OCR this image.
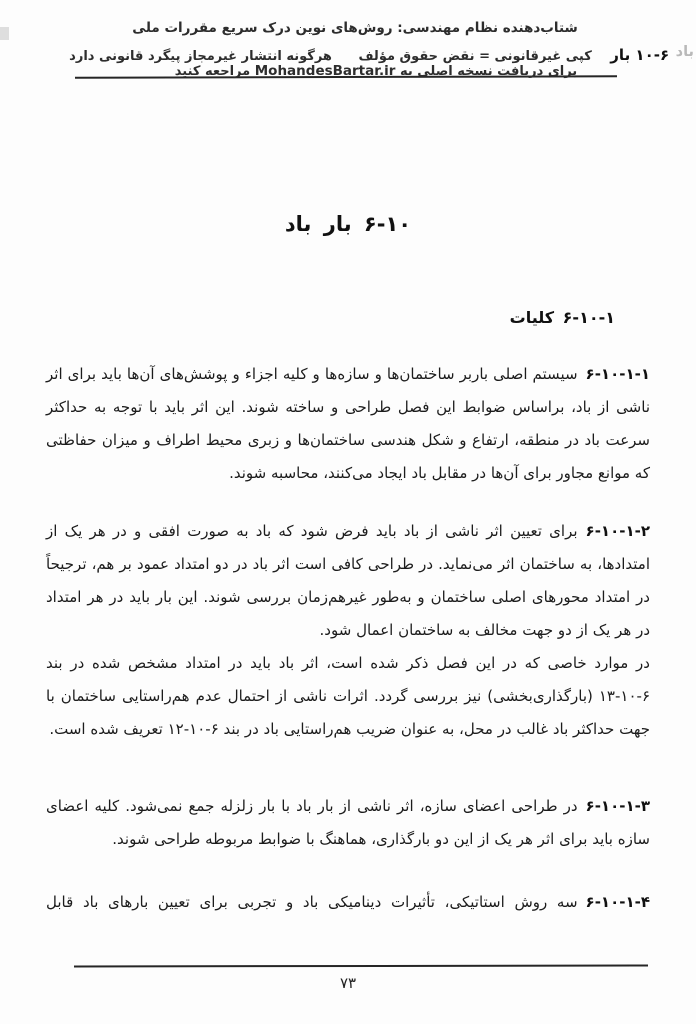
شتاب‌دهنده نظام مهندسی: روش‌های نوین درک سریع مقررات ملی
باد ۶-۱۰ بار کپی غیرقانونی = نقض حقوق مؤلف هرگونه انتشار غیرمجاز پیگرد قانونی دارد
برای دریافت نسخه اصلی به MohandesBartar.ir مراجعه کنید
۶-۱۰ بار باد
۶-۱۰-۱ کلیات

۶-۱۰-۱-۱سیستم اصلی باربر ساختمان‌ها و سازه‌ها و کلیه اجزاء و پوشش‌های آن‌ها باید برای اثر ناشی از باد، براساس ضوابط این فصل طراحی و ساخته شوند. این اثر باید با توجه به حداکثر سرعت باد در منطقه، ارتفاع و شکل هندسی ساختمان‌ها و زبری محیط اطراف و میزان حفاظتی که موانع مجاور برای آن‌ها در مقابل باد ایجاد می‌کنند، محاسبه شوند.

۶-۱۰-۱-۲برای تعیین اثر ناشی از باد باید فرض شود که باد به صورت افقی و در هر یک از امتدادها، به ساختمان اثر می‌نماید. در طراحی کافی است اثر باد در دو امتداد عمود بر هم، ترجیحاً در امتداد محورهای اصلی ساختمان و به‌طور غیرهم‌زمان بررسی شوند. این بار باید در هر امتداد در هر یک از دو جهت مخالف به ساختمان اعمال شود.

در موارد خاصی که در این فصل ذکر شده است، اثر باد باید در امتداد مشخص شده در بند ۶-۱۰-۱۳ (بارگذاری‌بخشی) نیز بررسی گردد. اثرات ناشی از احتمال عدم هم‌راستایی ساختمان با جهت حداکثر باد غالب در محل، به عنوان ضریب هم‌راستایی باد در بند ۶-۱۰-۱۲ تعریف شده است.

۶-۱۰-۱-۳در طراحی اعضای سازه، اثر ناشی از بار باد با بار زلزله جمع نمی‌شود. کلیه اعضای سازه باید برای اثر هر یک از این دو بارگذاری، هماهنگ با ضوابط مربوطه طراحی شوند.

۶-۱۰-۱-۴سه روش استاتیکی، تأثیرات دینامیکی باد و تجربی برای تعیین بارهای باد قابل

۷۳
